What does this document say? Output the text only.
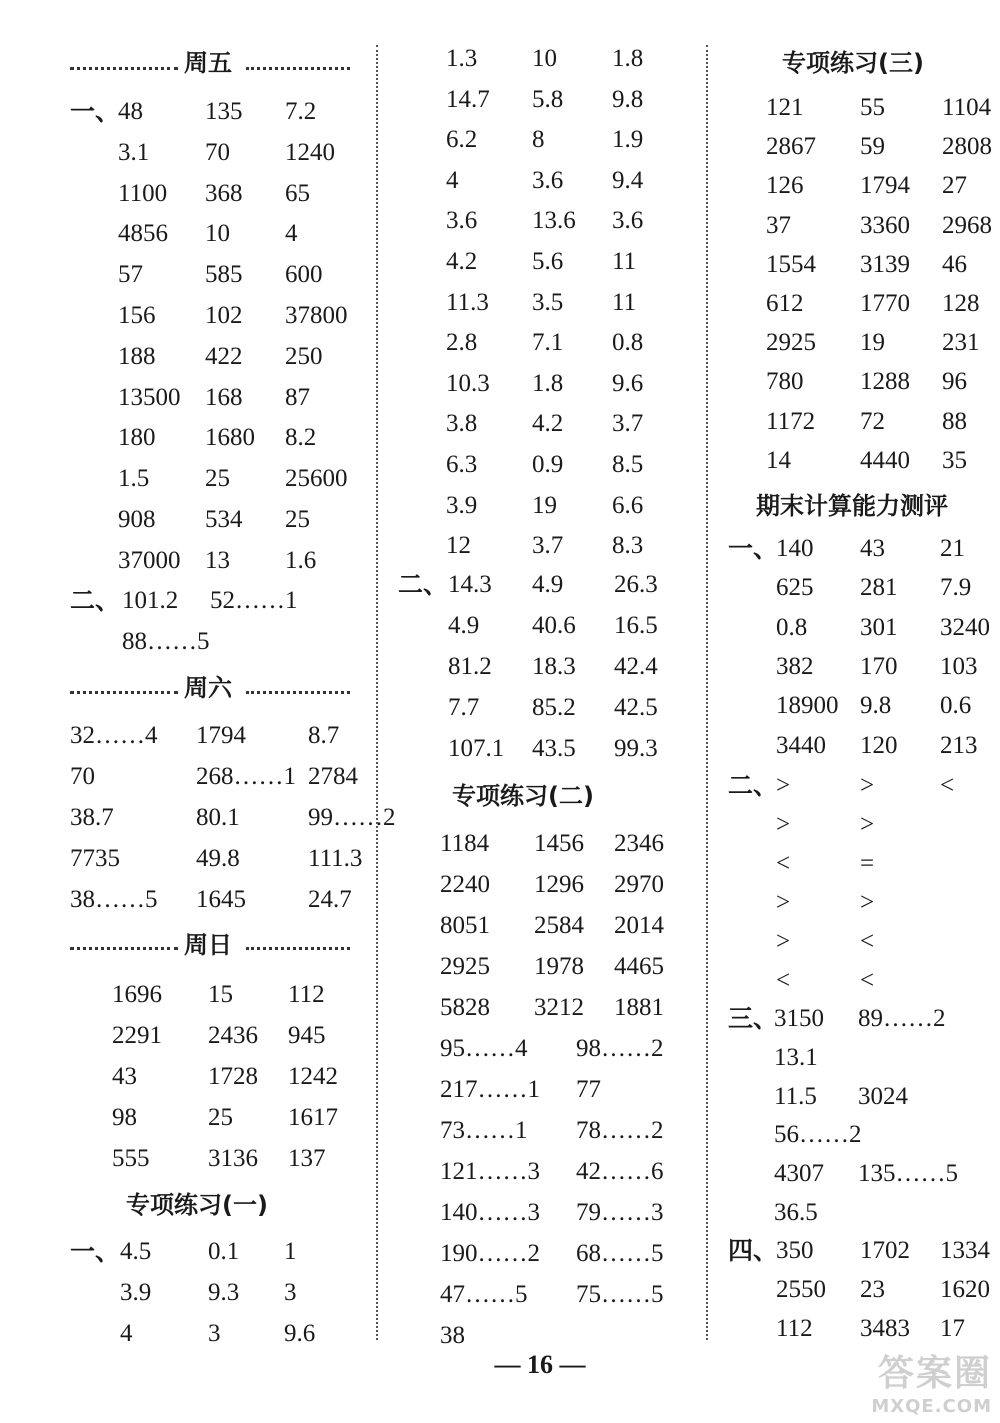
周五
一、
48	135	7.2
3.1	70	1240
1100	368	65
4856	10	4
57	585	600
156	102	37800
188	422	250
13500 168	87
180	1680	8.2
1.5	25	25600
908	534	25
37000 13	1.6
二、 101.2	52……1
88……5
周六
32……4	1794	8.7
70	268……1 2784
38.7	80.1	99……2
7735	49.8	111.3
38……5	1645	24.7
周日
1696	15	112
2291	2436	945
43	1728	1242
98	25	1617
555	3136	137
专项练习(一)
一、 4.5	0.1	1
3.9	9.3	3
4	3	9.6
1.3	10	1.8
14.7	5.8	9.8
6.2	8	1.9
4	3.6	9.4
3.6	13.6	3.6
4.2	5.6	11
11.3	3.5	11
2.8	7.1	0.8
10.3	1.8	9.6
3.8	4.2	3.7
6.3	0.9	8.5
3.9	19	6.6
12	3.7	8.3
二、 14.3	4.9	26.3
4.9	40.6	16.5
81.2	18.3	42.4
7.7	85.2	42.5
107.1	43.5	99.3
专项练习(二)
1184	1456	2346
2240	1296	2970
8051	2584	2014
2925	1978	4465
5828	3212	1881
95……4	98……2
217……1	77
73……1	78……2
121……3	42……6
140……3	79……3
190……2	68……5
47……5	75……5
38
专项练习(三)
121	55	1104
2867	59	2808
126	1794	27
37	3360	2968
1554	3139	46
612	1770	128
2925	19	231
780	1288	96
1172	72	88
14	4440	35
期末计算能力测评
一、
140	43	21
625	281	7.9
0.8	301	3240
382	170	103
18900 9.8	0.6
3440	120	213
二、
>	>	<
>	>
<	=
>	>
>	<
<	<
三、
3150	89……2
13.1
11.5	3024
56……2
4307	135……5
36.5
四、
350	1702	1334
2550	23	1620
112	3483	17
— 16 —	答案圈
MXQE.COM
